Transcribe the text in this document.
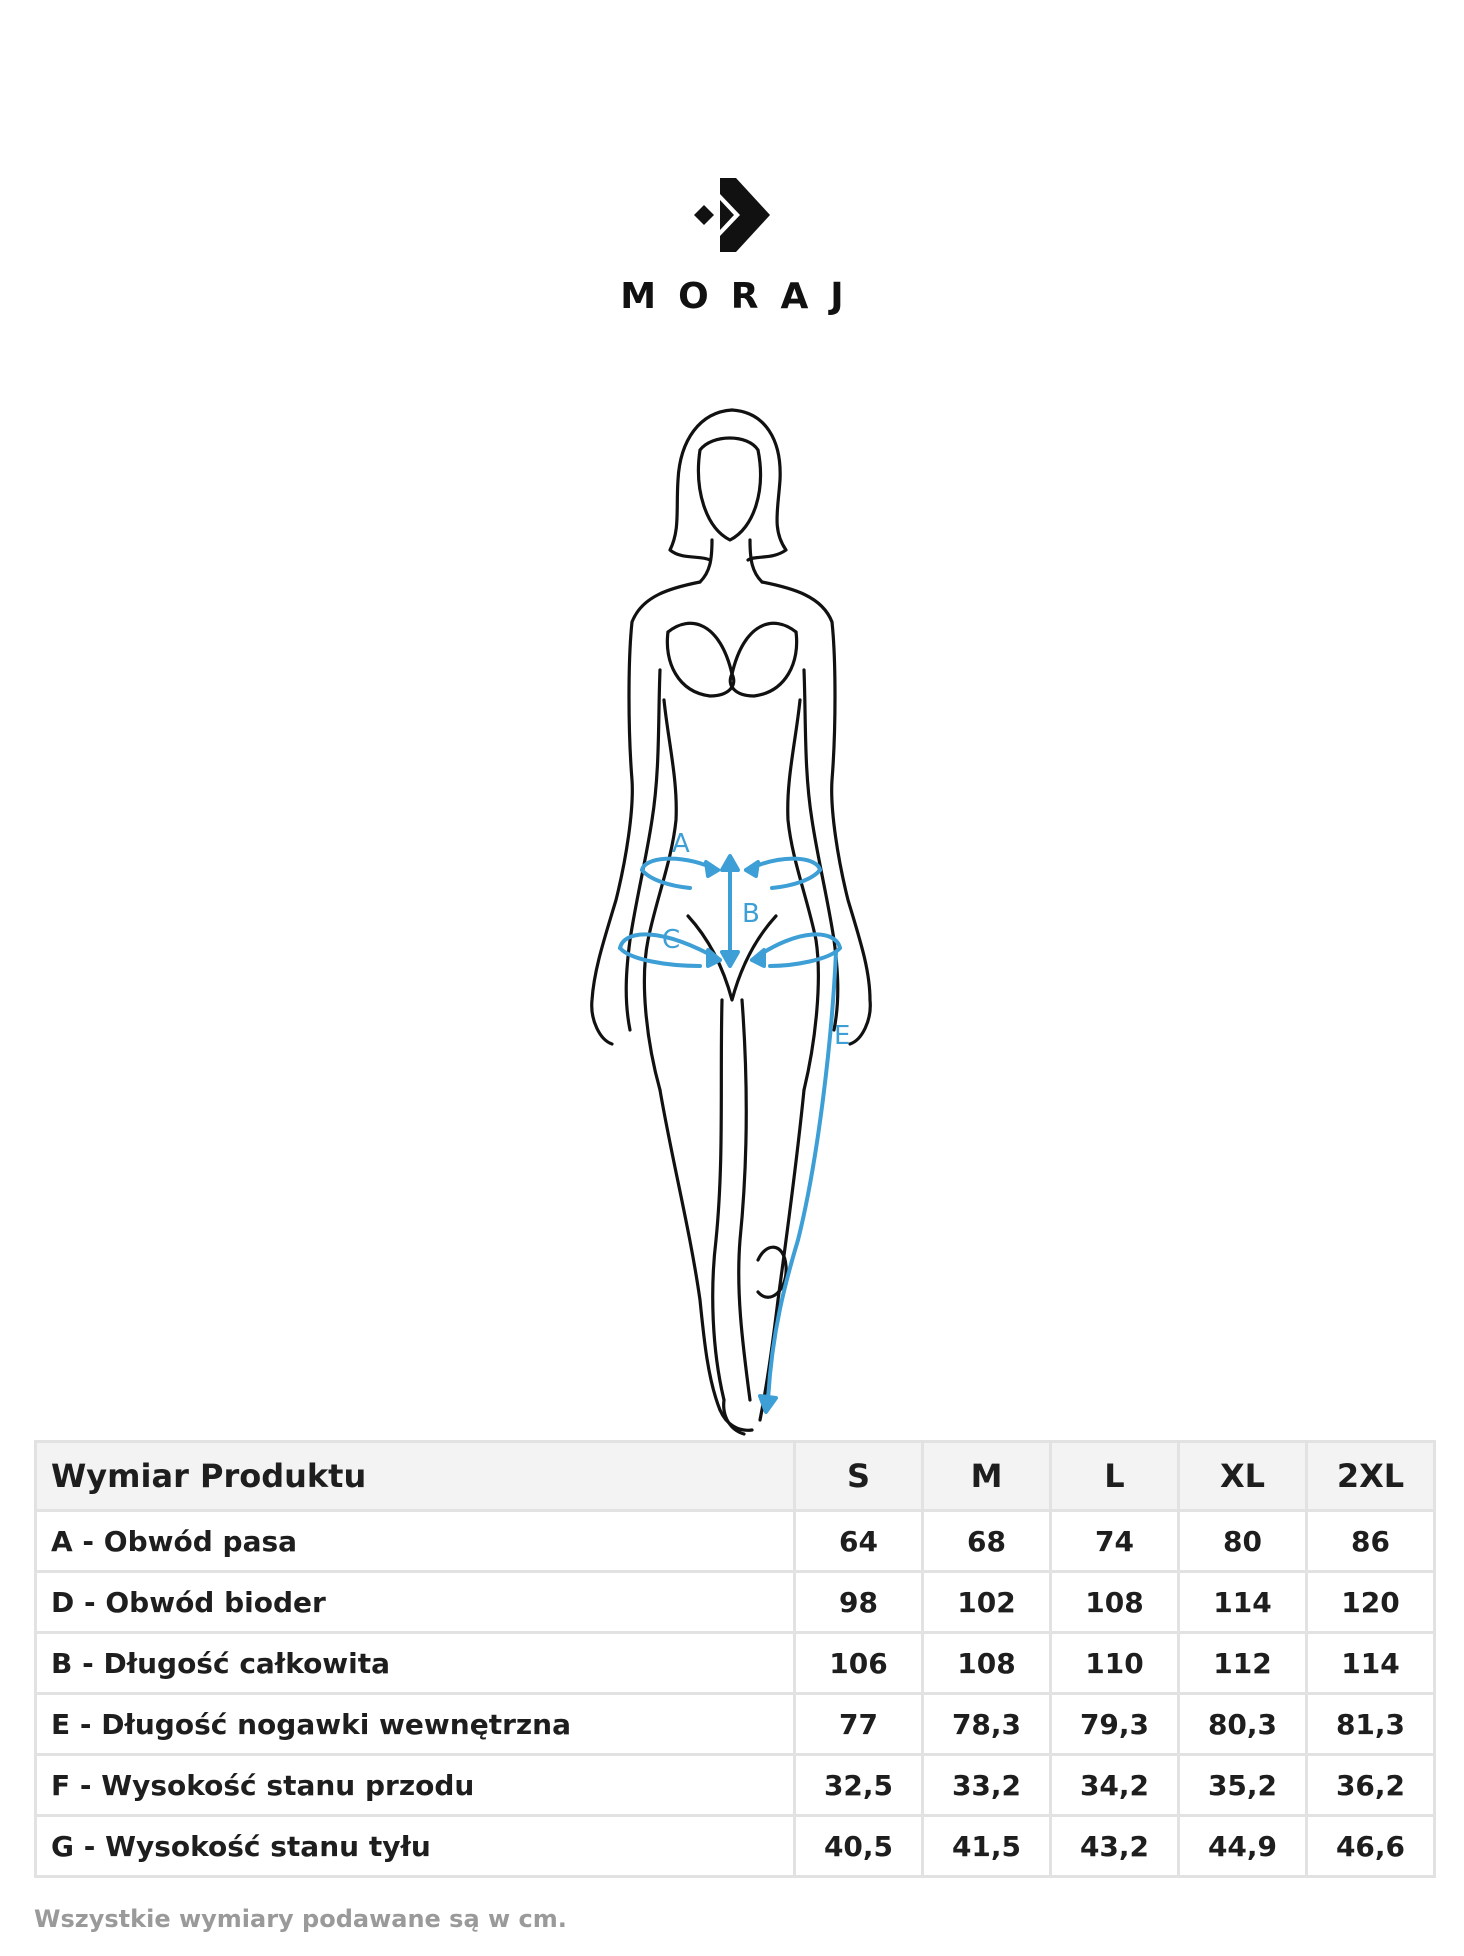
MORAJ
A
B
C
E
Wymiar Produktu	S	M	L	XL	2XL
A - Obwód pasa	64	68	74	80	86
D - Obwód bioder	98	102	108	114	120
B - Długość całkowita	106	108	110	112	114
E - Długość nogawki wewnętrzna	77	78,3	79,3	80,3	81,3
F - Wysokość stanu przodu	32,5	33,2	34,2	35,2	36,2
G - Wysokość stanu tyłu	40,5	41,5	43,2	44,9	46,6
Wszystkie wymiary podawane są w cm.
